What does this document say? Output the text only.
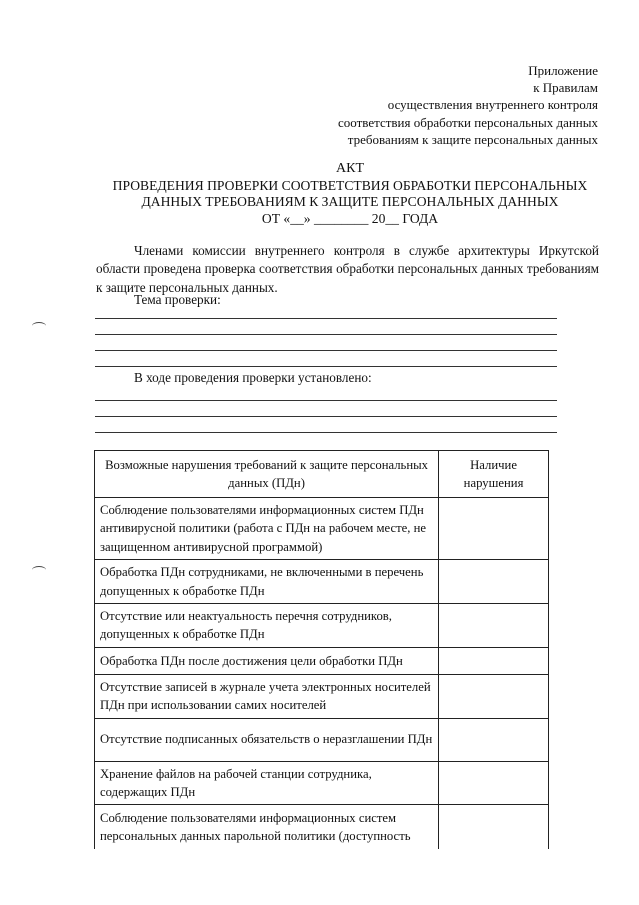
Приложение
к Правилам
осуществления внутреннего контроля
соответствия обработки персональных данных
требованиям к защите персональных данных
АКТ
ПРОВЕДЕНИЯ ПРОВЕРКИ СООТВЕТСТВИЯ ОБРАБОТКИ ПЕРСОНАЛЬНЫХ
ДАННЫХ ТРЕБОВАНИЯМ К ЗАЩИТЕ ПЕРСОНАЛЬНЫХ ДАННЫХ
ОТ «__» ________ 20__ ГОДА
Членами комиссии внутреннего контроля в службе архитектуры Иркутской области проведена проверка соответствия обработки персональных данных требованиям к защите персональных данных.
Тема проверки:
В ходе проведения проверки установлено:
Возможные нарушения требований к защите персональных данных (ПДн)	Наличие нарушения
Соблюдение пользователями информационных систем ПДн антивирусной политики (работа с ПДн на рабочем месте, не защищенном антивирусной программой)	
Обработка ПДн сотрудниками, не включенными в перечень допущенных к обработке ПДн	
Отсутствие или неактуальность перечня сотрудников, допущенных к обработке ПДн	
Обработка ПДн после достижения цели обработки ПДн	
Отсутствие записей в журнале учета электронных носителей ПДн при использовании самих носителей	
Отсутствие подписанных обязательств о неразглашении ПДн	
Хранение файлов на рабочей станции сотрудника, содержащих ПДн	
Соблюдение пользователями информационных систем персональных данных парольной политики (доступность	
